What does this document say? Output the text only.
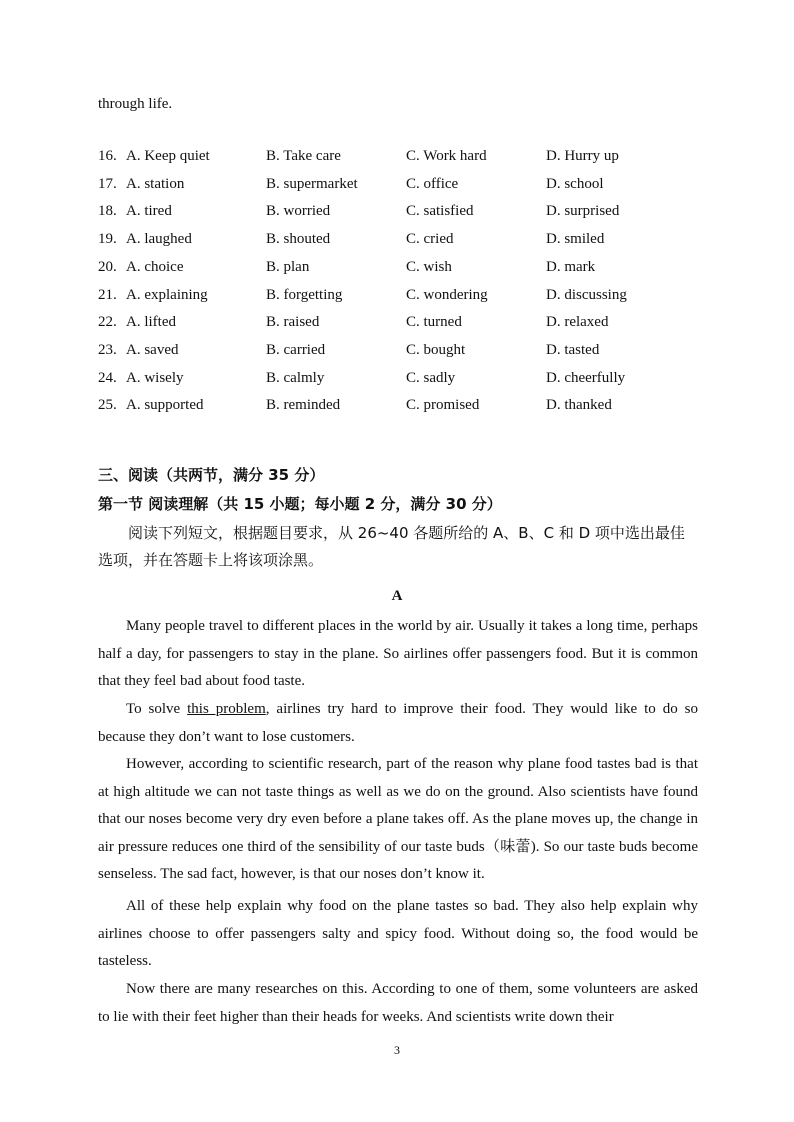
through life.
16. A. Keep quiet	B. Take care	C. Work hard	D. Hurry up
17. A. station	B. supermarket	C. office	D. school
18. A. tired	B. worried	C. satisfied	D. surprised
19. A. laughed	B. shouted	C. cried	D. smiled
20. A. choice	B. plan	C. wish	D. mark
21. A. explaining	B. forgetting	C. wondering	D. discussing
22. A. lifted	B. raised	C. turned	D. relaxed
23. A. saved	B. carried	C. bought	D. tasted
24. A. wisely	B. calmly	C. sadly	D. cheerfully
25. A. supported	B. reminded	C. promised	D. thanked
三、阅读（共两节，满分 35 分）
第一节 阅读理解（共 15 小题；每小题 2 分，满分 30 分）

阅读下列短文，根据题目要求，从 26~40 各题所给的 A、B、C 和 D 项中选出最佳选项，并在答题卡上将该项涂黑。

A

Many people travel to different places in the world by air. Usually it takes a long time, perhaps half a day, for passengers to stay in the plane. So airlines offer passengers food. But it is common that they feel bad about food taste.

To solve this problem, airlines try hard to improve their food. They would like to do so because they don’t want to lose customers.

However, according to scientific research, part of the reason why plane food tastes bad is that at high altitude we can not taste things as well as we do on the ground. Also scientists have found that our noses become very dry even before a plane takes off. As the plane moves up, the change in air pressure reduces one third of the sensibility of our taste buds（味蕾). So our taste buds become senseless. The sad fact, however, is that our noses don’t know it.

All of these help explain why food on the plane tastes so bad. They also help explain why airlines choose to offer passengers salty and spicy food. Without doing so, the food would be tasteless.

Now there are many researches on this. According to one of them, some volunteers are asked to lie with their feet higher than their heads for weeks. And scientists write down their

3
